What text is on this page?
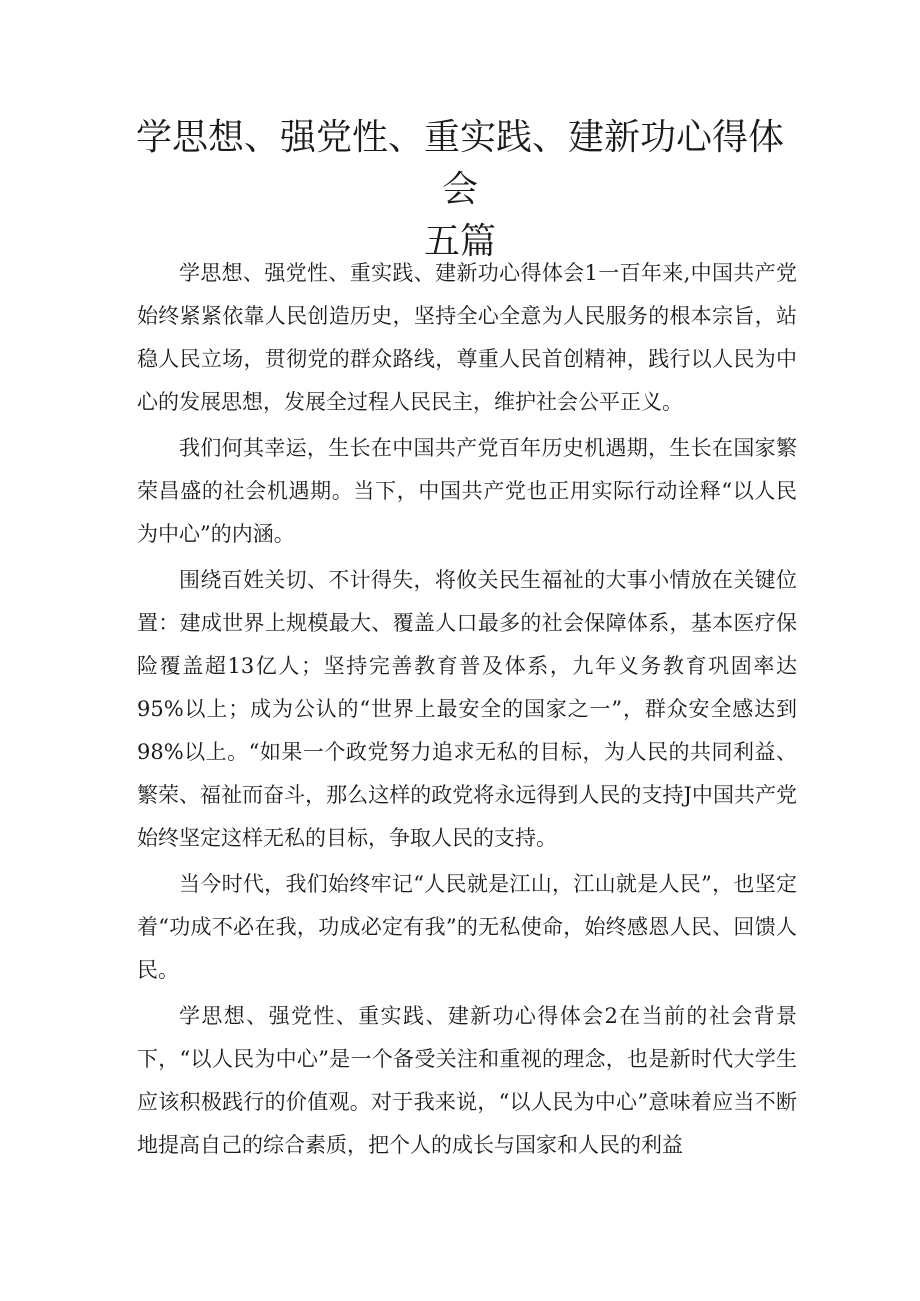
学思想、强党性、重实践、建新功心得体会
五篇

学思想、强党性、重实践、建新功心得体会1一百年来,中国共产党始终紧紧依靠人民创造历史，坚持全心全意为人民服务的根本宗旨，站稳人民立场，贯彻党的群众路线，尊重人民首创精神，践行以人民为中心的发展思想，发展全过程人民民主，维护社会公平正义。

我们何其幸运，生长在中国共产党百年历史机遇期，生长在国家繁荣昌盛的社会机遇期。当下，中国共产党也正用实际行动诠释“以人民为中心”的内涵。

围绕百姓关切、不计得失，将攸关民生福祉的大事小情放在关键位置：建成世界上规模最大、覆盖人口最多的社会保障体系，基本医疗保险覆盖超13亿人；坚持完善教育普及体系，九年义务教育巩固率达95%以上；成为公认的“世界上最安全的国家之一”，群众安全感达到98%以上。“如果一个政党努力追求无私的目标，为人民的共同利益、繁荣、福祉而奋斗，那么这样的政党将永远得到人民的支持J中国共产党始终坚定这样无私的目标，争取人民的支持。

当今时代，我们始终牢记“人民就是江山，江山就是人民”，也坚定着“功成不必在我，功成必定有我”的无私使命，始终感恩人民、回馈人民。

学思想、强党性、重实践、建新功心得体会2在当前的社会背景下，“以人民为中心”是一个备受关注和重视的理念，也是新时代大学生应该积极践行的价值观。对于我来说，“以人民为中心”意味着应当不断地提高自己的综合素质，把个人的成长与国家和人民的利益
